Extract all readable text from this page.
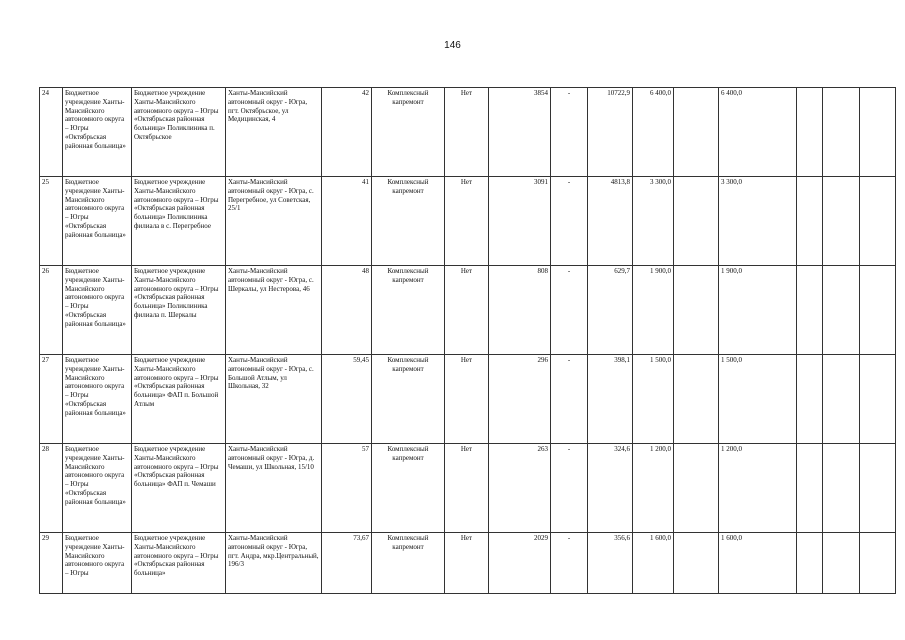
146
24	Бюджетное учреждение Ханты-Мансийского автономного округа – Югры «Октябрьская районная больница»	Бюджетное учреждение Ханты-Мансийского автономного округа – Югры «Октябрьская районная больница» Поликлиника п. Октябрьское	Ханты-Мансийский автономный округ - Югра, пгт. Октябрьское, ул Медицинская, 4	42	Комплексный капремонт	Нет	3854	-	10722,9	6 400,0		6 400,0			

25	Бюджетное учреждение Ханты-Мансийского автономного округа – Югры «Октябрьская районная больница»	Бюджетное учреждение Ханты-Мансийского автономного округа – Югры «Октябрьская районная больница» Поликлиника филиала в с. Перегребное	Ханты-Мансийский автономный округ - Югра, с. Перегребное, ул Советская, 25/1	41	Комплексный капремонт	Нет	3091	-	4813,8	3 300,0		3 300,0			

26	Бюджетное учреждение Ханты-Мансийского автономного округа – Югры «Октябрьская районная больница»	Бюджетное учреждение Ханты-Мансийского автономного округа – Югры «Октябрьская районная больница» Поликлиника филиала п. Шеркалы	Ханты-Мансийский автономный округ - Югра, с. Шеркалы, ул Нестерова, 46	48	Комплексный капремонт	Нет	808	-	629,7	1 900,0		1 900,0			

27	Бюджетное учреждение Ханты-Мансийского автономного округа – Югры «Октябрьская районная больница»	Бюджетное учреждение Ханты-Мансийского автономного округа – Югры «Октябрьская районная больница» ФАП п. Большой Атлым	Ханты-Мансийский автономный округ - Югра, с. Большой Атлым, ул Школьная, 32	59,45	Комплексный капремонт	Нет	296	-	398,1	1 500,0		1 500,0			

28	Бюджетное учреждение Ханты-Мансийского автономного округа – Югры «Октябрьская районная больница»	Бюджетное учреждение Ханты-Мансийского автономного округа – Югры «Октябрьская районная больница» ФАП п. Чемаши	Ханты-Мансийский автономный округ - Югра, д. Чемаши, ул Школьная, 15/10	57	Комплексный капремонт	Нет	263	-	324,6	1 200,0		1 200,0			

29	Бюджетное учреждение Ханты-Мансийского автономного округа – Югры	Бюджетное учреждение Ханты-Мансийского автономного округа – Югры «Октябрьская районная больница»	Ханты-Мансийский автономный округ - Югра, пгт. Андра, мкр.Центральный, 196/3	73,67	Комплексный капремонт	Нет	2029	-	356,6	1 600,0		1 600,0			
